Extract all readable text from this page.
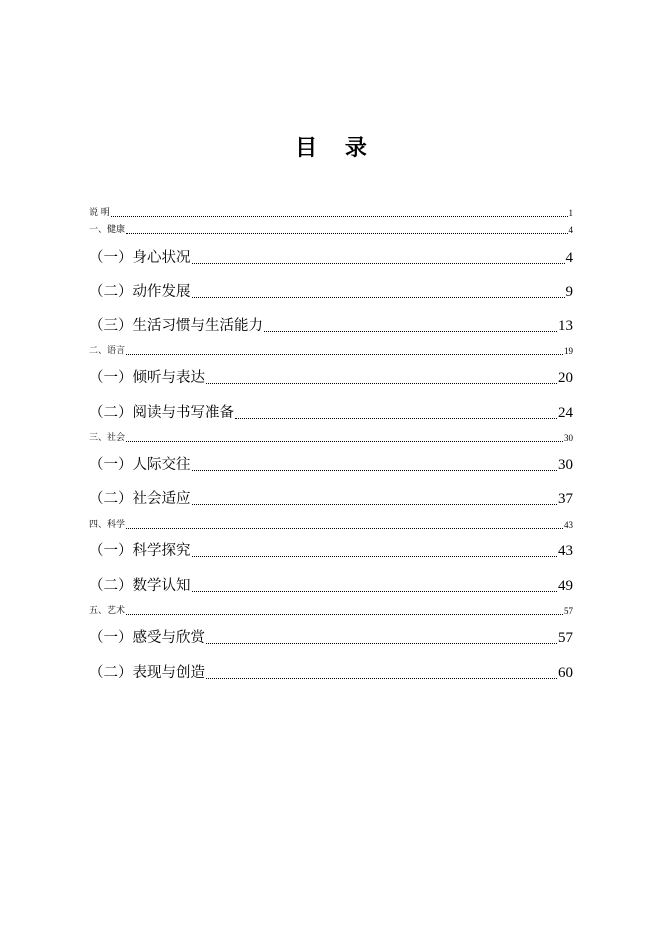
目 录
说 明	1
一、健康	4
（一）身心状况	4
（二）动作发展	9
（三）生活习惯与生活能力	13
二、语言	19
（一）倾听与表达	20
（二）阅读与书写准备	24
三、社会	30
（一）人际交往	30
（二）社会适应	37
四、科学	43
（一）科学探究	43
（二）数学认知	49
五、艺术	57
（一）感受与欣赏	57
（二）表现与创造	60
